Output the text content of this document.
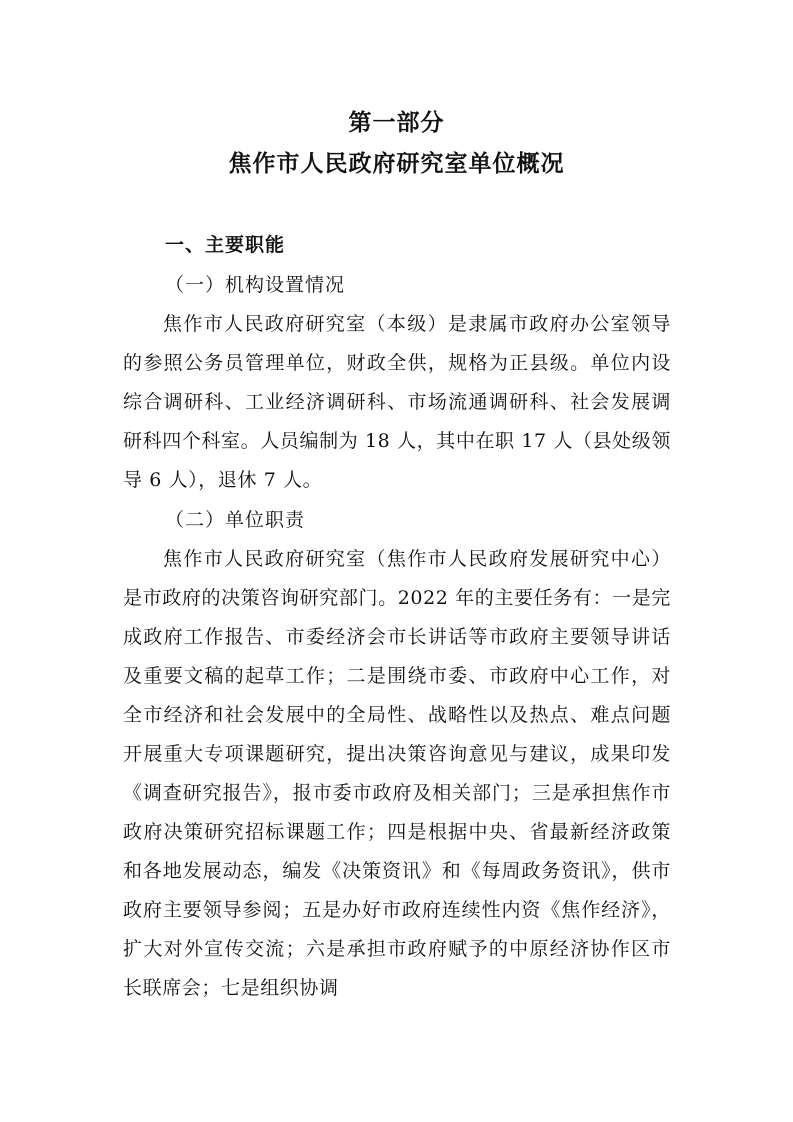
第一部分
焦作市人民政府研究室单位概况
一、主要职能
（一）机构设置情况

焦作市人民政府研究室（本级）是隶属市政府办公室领导的参照公务员管理单位，财政全供，规格为正县级。单位内设综合调研科、工业经济调研科、市场流通调研科、社会发展调研科四个科室。人员编制为 18 人，其中在职 17 人（县处级领导 6 人），退休 7 人。

（二）单位职责

焦作市人民政府研究室（焦作市人民政府发展研究中心）是市政府的决策咨询研究部门。2022 年的主要任务有：一是完成政府工作报告、市委经济会市长讲话等市政府主要领导讲话及重要文稿的起草工作；二是围绕市委、市政府中心工作，对全市经济和社会发展中的全局性、战略性以及热点、难点问题开展重大专项课题研究，提出决策咨询意见与建议，成果印发《调查研究报告》，报市委市政府及相关部门；三是承担焦作市政府决策研究招标课题工作；四是根据中央、省最新经济政策和各地发展动态，编发《决策资讯》和《每周政务资讯》，供市政府主要领导参阅；五是办好市政府连续性内资《焦作经济》，扩大对外宣传交流；六是承担市政府赋予的中原经济协作区市长联席会；七是组织协调
